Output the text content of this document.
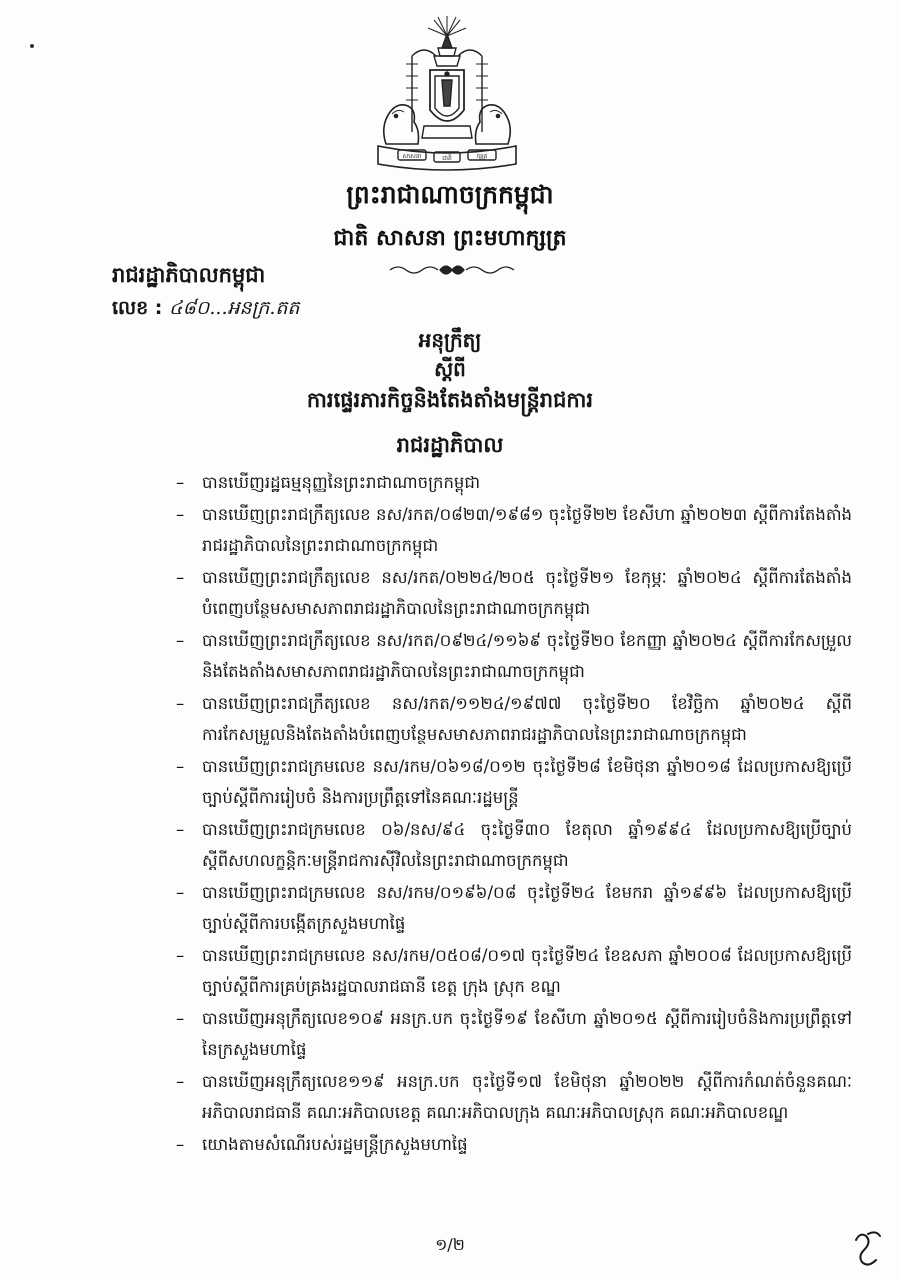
សាសនា	ជាតិ	ក្សត្រ
ព្រះរាជាណាចក្រកម្ពុជា
ជាតិ សាសនា ព្រះមហាក្សត្រ
រាជរដ្ឋាភិបាលកម្ពុជា
លេខ : ៤៨០...អនក្រ.តត
អនុក្រឹត្យ
ស្តីពី
ការផ្ទេរភារកិច្ចនិងតែងតាំងមន្ត្រីរាជការ
រាជរដ្ឋាភិបាល
–	បានឃើញរដ្ឋធម្មនុញ្ញនៃព្រះរាជាណាចក្រកម្ពុជា
–	បានឃើញព្រះរាជក្រឹត្យលេខ នស/រកត/០៨២៣/១៩៨១ ចុះថ្ងៃទី២២ ខែសីហា ឆ្នាំ២០២៣ ស្តីពីការតែងតាំងរាជរដ្ឋាភិបាលនៃព្រះរាជាណាចក្រកម្ពុជា
–	បានឃើញព្រះរាជក្រឹត្យលេខ នស/រកត/០២២៤/២០៥ ចុះថ្ងៃទី២១ ខែកុម្ភៈ ឆ្នាំ២០២៤ ស្តីពីការតែងតាំងបំពេញបន្ថែមសមាសភាពរាជរដ្ឋាភិបាលនៃព្រះរាជាណាចក្រកម្ពុជា
–	បានឃើញព្រះរាជក្រឹត្យលេខ នស/រកត/០៩២៤/១១៦៩ ចុះថ្ងៃទី២០ ខែកញ្ញា ឆ្នាំ២០២៤ ស្តីពីការកែសម្រួលនិងតែងតាំងសមាសភាពរាជរដ្ឋាភិបាលនៃព្រះរាជាណាចក្រកម្ពុជា
–	បានឃើញព្រះរាជក្រឹត្យលេខ នស/រកត/១១២៤/១៩៧៧ ចុះថ្ងៃទី២០ ខែវិច្ឆិកា ឆ្នាំ២០២៤ ស្តីពីការកែសម្រួលនិងតែងតាំងបំពេញបន្ថែមសមាសភាពរាជរដ្ឋាភិបាលនៃព្រះរាជាណាចក្រកម្ពុជា
–	បានឃើញព្រះរាជក្រមលេខ នស/រកម/០៦១៨/០១២ ចុះថ្ងៃទី២៨ ខែមិថុនា ឆ្នាំ២០១៨ ដែលប្រកាសឱ្យប្រើច្បាប់ស្តីពីការរៀបចំ និងការប្រព្រឹត្តទៅនៃគណៈរដ្ឋមន្ត្រី
–	បានឃើញព្រះរាជក្រមលេខ ០៦/នស/៩៤ ចុះថ្ងៃទី៣០ ខែតុលា ឆ្នាំ១៩៩៤ ដែលប្រកាសឱ្យប្រើច្បាប់ស្តីពីសហលក្ខន្តិកៈមន្ត្រីរាជការស៊ីវិលនៃព្រះរាជាណាចក្រកម្ពុជា
–	បានឃើញព្រះរាជក្រមលេខ នស/រកម/០១៩៦/០៨ ចុះថ្ងៃទី២៤ ខែមករា ឆ្នាំ១៩៩៦ ដែលប្រកាសឱ្យប្រើច្បាប់ស្តីពីការបង្កើតក្រសួងមហាផ្ទៃ
–	បានឃើញព្រះរាជក្រមលេខ នស/រកម/០៥០៨/០១៧ ចុះថ្ងៃទី២៤ ខែឧសភា ឆ្នាំ២០០៨ ដែលប្រកាសឱ្យប្រើច្បាប់ស្តីពីការគ្រប់គ្រងរដ្ឋបាលរាជធានី ខេត្ត ក្រុង ស្រុក ខណ្ឌ
–	បានឃើញអនុក្រឹត្យលេខ១០៩ អនក្រ.បក ចុះថ្ងៃទី១៩ ខែសីហា ឆ្នាំ២០១៥ ស្តីពីការរៀបចំនិងការប្រព្រឹត្តទៅនៃក្រសួងមហាផ្ទៃ
–	បានឃើញអនុក្រឹត្យលេខ១១៩ អនក្រ.បក ចុះថ្ងៃទី១៧ ខែមិថុនា ឆ្នាំ២០២២ ស្តីពីការកំណត់ចំនួនគណៈអភិបាលរាជធានី គណៈអភិបាលខេត្ត គណៈអភិបាលក្រុង គណៈអភិបាលស្រុក គណៈអភិបាលខណ្ឌ
–	យោងតាមសំណើរបស់រដ្ឋមន្ត្រីក្រសួងមហាផ្ទៃ
១/២
